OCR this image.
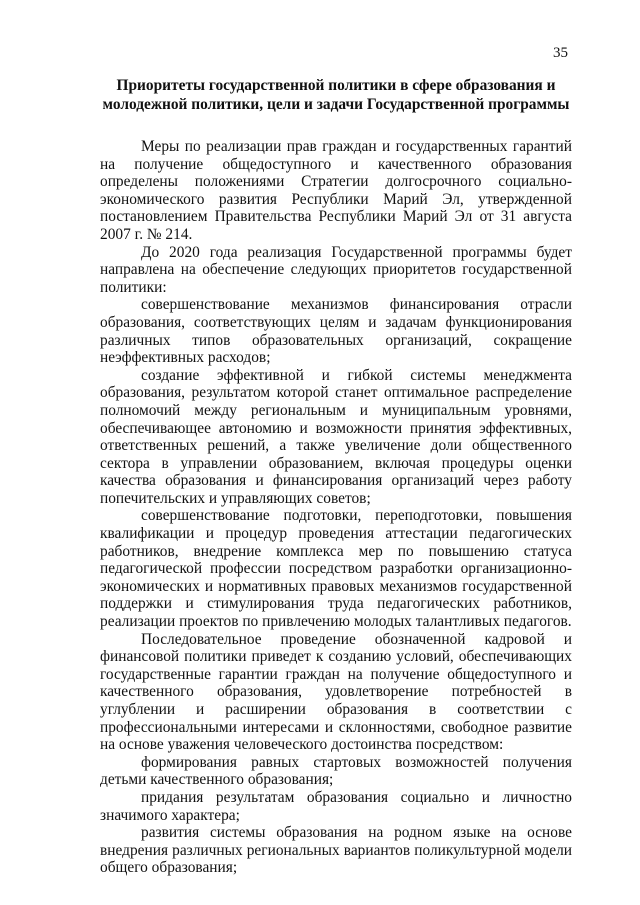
35
Приоритеты государственной политики в сфере образования и
молодежной политики, цели и задачи Государственной программы

Меры по реализации прав граждан и государственных гарантий на получение общедоступного и качественного образования определены положениями Стратегии долгосрочного социально-экономического развития Республики Марий Эл, утвержденной постановлением Правительства Республики Марий Эл от 31 августа 2007 г. № 214.

До 2020 года реализация Государственной программы будет направлена на обеспечение следующих приоритетов государственной политики:

совершенствование механизмов финансирования отрасли образования, соответствующих целям и задачам функционирования различных типов образовательных организаций, сокращение неэффективных расходов;

создание эффективной и гибкой системы менеджмента образования, результатом которой станет оптимальное распределение полномочий между региональным и муниципальным уровнями, обеспечивающее автономию и возможности принятия эффективных, ответственных решений, а также увеличение доли общественного сектора в управлении образованием, включая процедуры оценки качества образования и финансирования организаций через работу попечительских и управляющих советов;

совершенствование подготовки, переподготовки, повышения квалификации и процедур проведения аттестации педагогических работников, внедрение комплекса мер по повышению статуса педагогической профессии посредством разработки организационно-экономических и нормативных правовых механизмов государственной поддержки и стимулирования труда педагогических работников, реализации проектов по привлечению молодых талантливых педагогов.

Последовательное проведение обозначенной кадровой и финансовой политики приведет к созданию условий, обеспечивающих государственные гарантии граждан на получение общедоступного и качественного образования, удовлетворение потребностей в углублении и расширении образования в соответствии с профессиональными интересами и склонностями, свободное развитие на основе уважения человеческого достоинства посредством:

формирования равных стартовых возможностей получения детьми качественного образования;

придания результатам образования социально и личностно значимого характера;

развития системы образования на родном языке на основе внедрения различных региональных вариантов поликультурной модели общего образования;
